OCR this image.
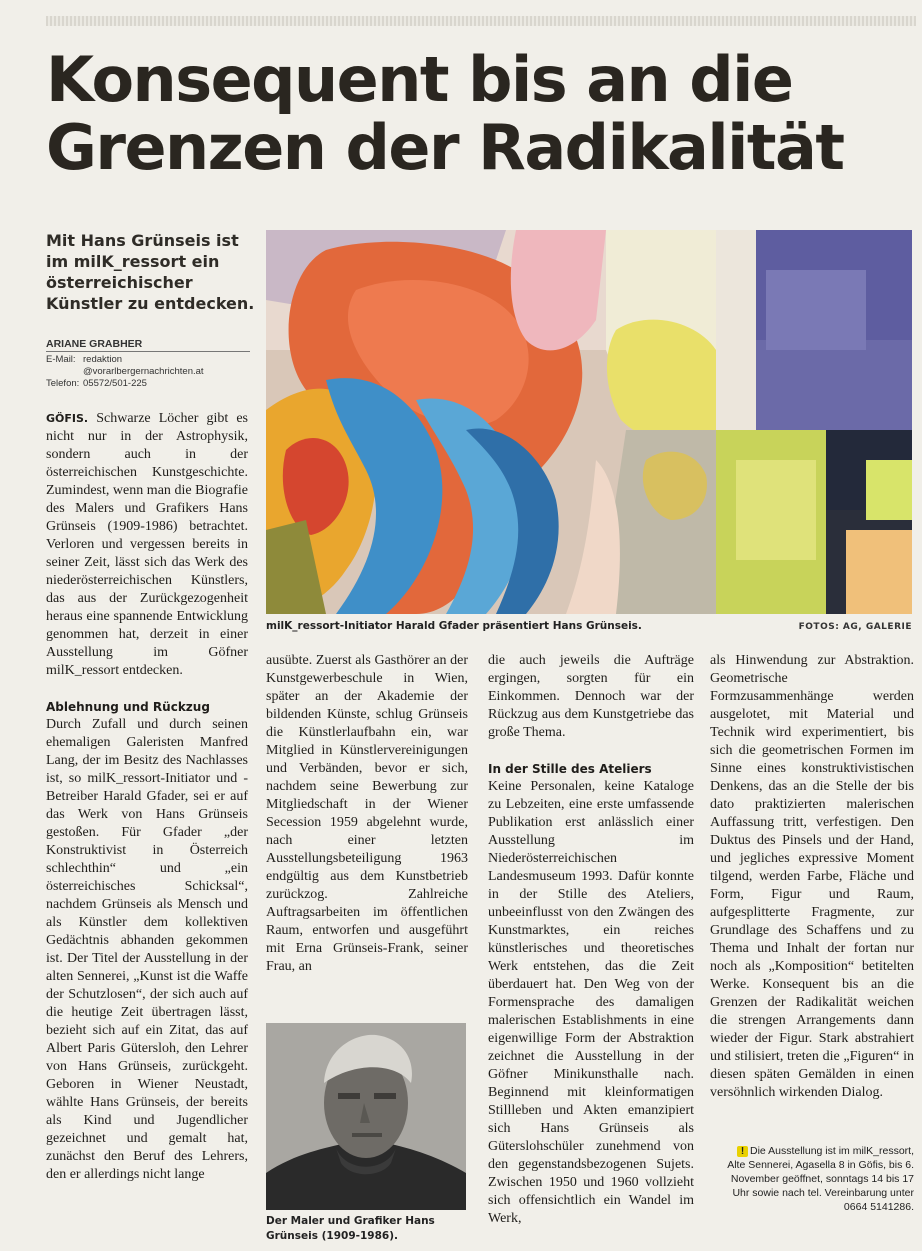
Konsequent bis an die
Grenzen der Radikalität
Mit Hans Grünseis ist im milK_ressort ein österreichischer Künstler zu entdecken.
ARIANE GRABHER
E-Mail: redaktion
@vorarlbergernachrichten.at
Telefon: 05572/501-225

GÖFIS. Schwarze Löcher gibt es nicht nur in der Astrophysik, sondern auch in der österreichischen Kunstgeschichte. Zumindest, wenn man die Biografie des Malers und Grafikers Hans Grünseis (1909-1986) betrachtet. Verloren und vergessen bereits in seiner Zeit, lässt sich das Werk des niederösterreichischen Künstlers, das aus der Zurückgezogenheit heraus eine spannende Entwicklung genommen hat, derzeit in einer Ausstellung im Göfner milK_ressort entdecken.

Ablehnung und Rückzug

Durch Zufall und durch seinen ehemaligen Galeristen Manfred Lang, der im Besitz des Nachlasses ist, so milK_ressort-Initiator und -Betreiber Harald Gfader, sei er auf das Werk von Hans Grünseis gestoßen. Für Gfader „der Konstruktivist in Österreich schlechthin“ und „ein österreichisches Schicksal“, nachdem Grünseis als Mensch und als Künstler dem kollektiven Gedächtnis abhanden gekommen ist. Der Titel der Ausstellung in der alten Sennerei, „Kunst ist die Waffe der Schutzlosen“, der sich auch auf die heutige Zeit übertragen lässt, bezieht sich auf ein Zitat, das auf Albert Paris Gütersloh, den Lehrer von Hans Grünseis, zurückgeht. Geboren in Wiener Neustadt, wählte Hans Grünseis, der bereits als Kind und Jugendlicher gezeichnet und gemalt hat, zunächst den Beruf des Lehrers, den er allerdings nicht lange

milK_ressort-Initiator Harald Gfader präsentiert Hans Grünseis.	FOTOS: AG, GALERIE

ausübte. Zuerst als Gasthörer an der Kunstgewerbeschule in Wien, später an der Akademie der bildenden Künste, schlug Grünseis die Künstlerlaufbahn ein, war Mitglied in Künstlervereinigungen und Verbänden, bevor er sich, nachdem seine Bewerbung zur Mitgliedschaft in der Wiener Secession 1959 abgelehnt wurde, nach einer letzten Ausstellungsbeteiligung 1963 endgültig aus dem Kunstbetrieb zurückzog. Zahlreiche Auftragsarbeiten im öffentlichen Raum, entworfen und ausgeführt mit Erna Grünseis-Frank, seiner Frau, an

Der Maler und Grafiker Hans Grünseis (1909-1986).

die auch jeweils die Aufträge ergingen, sorgten für ein Einkommen. Dennoch war der Rückzug aus dem Kunstgetriebe das große Thema.

In der Stille des Ateliers

Keine Personalen, keine Kataloge zu Lebzeiten, eine erste umfassende Publikation erst anlässlich einer Ausstellung im Niederösterreichischen Landesmuseum 1993. Dafür konnte in der Stille des Ateliers, unbeeinflusst von den Zwängen des Kunstmarktes, ein reiches künstlerisches und theoretisches Werk entstehen, das die Zeit überdauert hat. Den Weg von der Formensprache des damaligen malerischen Establishments in eine eigenwillige Form der Abstraktion zeichnet die Ausstellung in der Göfner Minikunsthalle nach. Beginnend mit kleinformatigen Stillleben und Akten emanzipiert sich Hans Grünseis als Güterslohschüler zunehmend von den gegenstandsbezogenen Sujets. Zwischen 1950 und 1960 vollzieht sich offensichtlich ein Wandel im Werk,

als Hinwendung zur Abstraktion. Geometrische Formzusammenhänge werden ausgelotet, mit Material und Technik wird experimentiert, bis sich die geometrischen Formen im Sinne eines konstruktivistischen Denkens, das an die Stelle der bis dato praktizierten malerischen Auffassung tritt, verfestigen. Den Duktus des Pinsels und der Hand, und jegliches expressive Moment tilgend, werden Farbe, Fläche und Form, Figur und Raum, aufgesplitterte Fragmente, zur Grundlage des Schaffens und zu Thema und Inhalt der fortan nur noch als „Komposition“ betitelten Werke. Konsequent bis an die Grenzen der Radikalität weichen die strengen Arrangements dann wieder der Figur. Stark abstrahiert und stilisiert, treten die „Figuren“ in diesen späten Gemälden in einen versöhnlich wirkenden Dialog.

! Die Ausstellung ist im milK_ressort, Alte Sennerei, Agasella 8 in Göfis, bis 6. November geöffnet, sonntags 14 bis 17 Uhr sowie nach tel. Vereinbarung unter 0664 5141286.
